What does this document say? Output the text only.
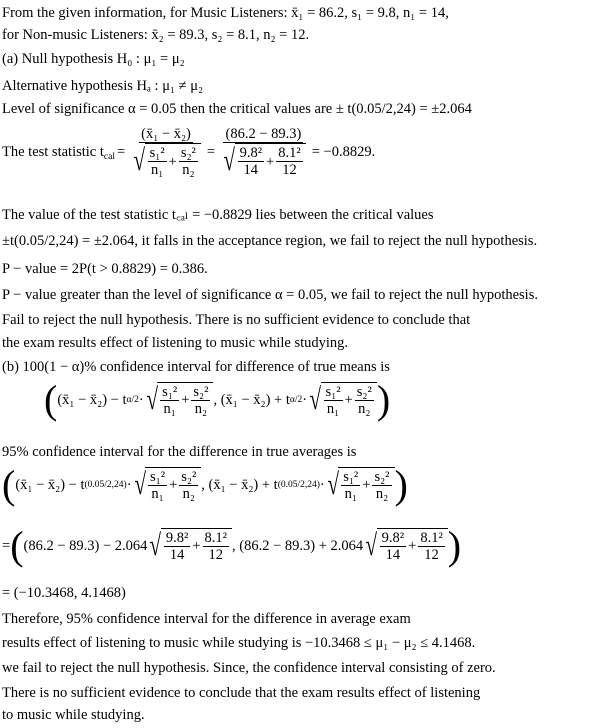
From the given information, for Music Listeners: x̄₁ = 86.2, s₁ = 9.8, n₁ = 14,
for Non-music Listeners: x̄₂ = 89.3, s₂ = 8.1, n₂ = 12.
(a) Null hypothesis H₀ : μ₁ = μ₂
Alternative hypothesis Hₐ : μ₁ ≠ μ₂
Level of significance α = 0.05 then the critical values are ± t(0.05/2,24) = ±2.064
The test statistic $t_{cal} = \frac{\text{(x̄₁ − x̄₂)}}{√ \frac{\text{s₁²}}{\text{n₁}} + \frac{\text{s₂²}}{\text{n₂}}} = \frac{(86.2 - 89.3)}{√ \frac{\text{9.8²}}{14} + \frac{\text{8.1²}}{12}} = -0.8829$.
The value of the test statistic t꜀ₐₗ = −0.8829 lies between the critical values
±t(0.05/2,24) = ±2.064, it falls in the acceptance region, we fail to reject the null hypothesis.
P − value = 2P(t > 0.8829) = 0.386.
P − value greater than the level of significance α = 0.05, we fail to reject the null hypothesis.
Fail to reject the null hypothesis. There is no sufficient evidence to conclude that
the exam results effect of listening to music while studying.
(b) 100(1 − α)% confidence interval for difference of true means is
( (x̄₁ − x̄₂) − t α/2 · √ $\frac{\text{s₁²}}{\text{n₁}} + \frac{\text{s₂²}}{\text{n₂}}$ , (x̄₁ − x̄₂) + t α/2 · √ $\frac{\text{s₁²}}{\text{n₁}} + \frac{\text{s₂²}}{\text{n₂}}$ )
95% confidence interval for the difference in true averages is
( (x̄₁ − x̄₂) − t (0.05/2,24) · √ $\frac{\text{s₁²}}{\text{n₁}} + \frac{\text{s₂²}}{\text{n₂}}$ , (x̄₁ − x̄₂) + t (0.05/2,24) · √ $\frac{\text{s₁²}}{\text{n₁}} + \frac{\text{s₂²}}{\text{n₂}}$ )
= ( (86.2 − 89.3) − 2.064 √ $\frac{\text{9.8²}}{14} + \frac{\text{8.1²}}{12}$ , (86.2 − 89.3) + 2.064 √ $\frac{\text{9.8²}}{14} + \frac{\text{8.1²}}{12}$ )
= (−10.3468, 4.1468)
Therefore, 95% confidence interval for the difference in average exam
results effect of listening to music while studying is −10.3468 ≤ μ₁ − μ₂ ≤ 4.1468.
we fail to reject the null hypothesis. Since, the confidence interval consisting of zero.
There is no sufficient evidence to conclude that the exam results effect of listening
to music while studying.
